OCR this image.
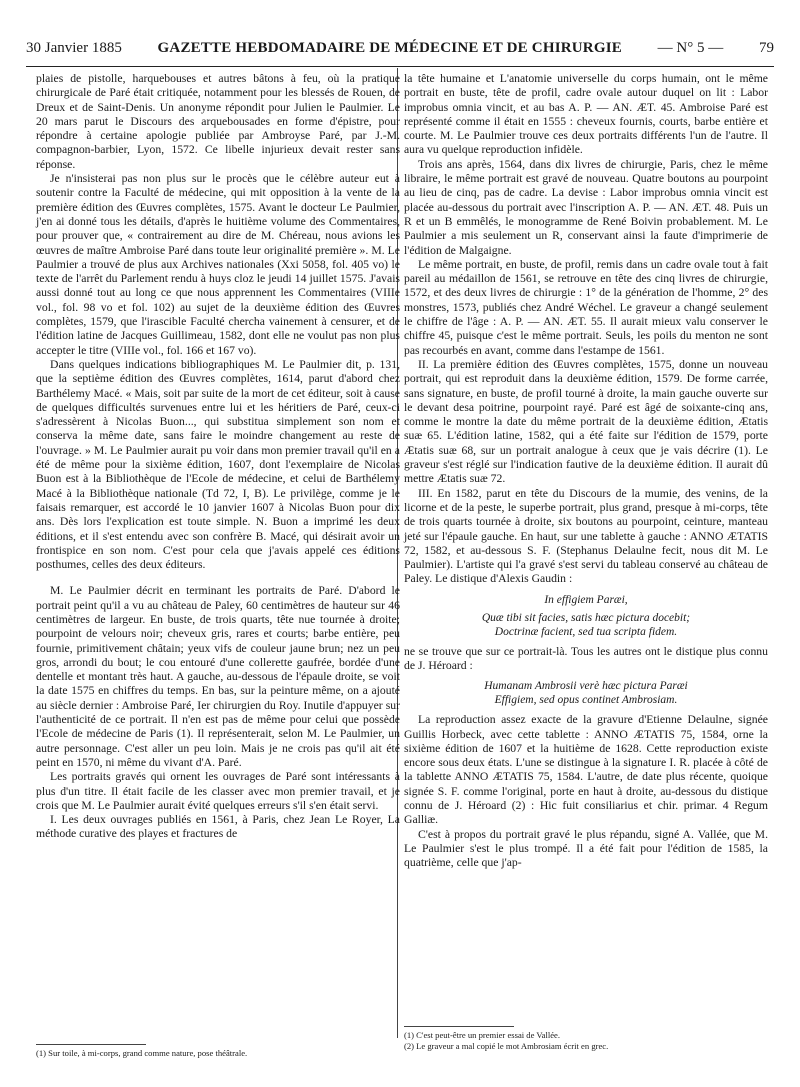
30 Janvier 1885 GAZETTE HEBDOMADAIRE DE MÉDECINE ET DE CHIRURGIE — N° 5 — 79

plaies de pistolle, harquebouses et autres bâtons à feu, où la pratique chirurgicale de Paré était critiquée, notamment pour les blessés de Rouen, de Dreux et de Saint-Denis. Un anonyme répondit pour Julien le Paulmier. Le 20 mars parut le Discours des arquebousades en forme d'épistre, pour répondre à certaine apologie publiée par Ambroyse Paré, par J.-M. compagnon-barbier, Lyon, 1572. Ce libelle injurieux devait rester sans réponse.

Je n'insisterai pas non plus sur le procès que le célèbre auteur eut à soutenir contre la Faculté de médecine, qui mit opposition à la vente de la première édition des Œuvres complètes, 1575. Avant le docteur Le Paulmier, j'en ai donné tous les détails, d'après le huitième volume des Commentaires, pour prouver que, « contrairement au dire de M. Chéreau, nous avions les œuvres de maître Ambroise Paré dans toute leur originalité première ». M. Le Paulmier a trouvé de plus aux Archives nationales (Xxi 5058, fol. 405 vo) le texte de l'arrêt du Parlement rendu à huys cloz le jeudi 14 juillet 1575. J'avais aussi donné tout au long ce que nous apprennent les Commentaires (VIIIe vol., fol. 98 vo et fol. 102) au sujet de la deuxième édition des Œuvres complètes, 1579, que l'irascible Faculté chercha vainement à censurer, et de l'édition latine de Jacques Guillimeau, 1582, dont elle ne voulut pas non plus accepter le titre (VIIIe vol., fol. 166 et 167 vo).

Dans quelques indications bibliographiques M. Le Paulmier dit, p. 131, que la septième édition des Œuvres complètes, 1614, parut d'abord chez Barthélemy Macé. « Mais, soit par suite de la mort de cet éditeur, soit à cause de quelques difficultés survenues entre lui et les héritiers de Paré, ceux-ci s'adressèrent à Nicolas Buon..., qui substitua simplement son nom et conserva la même date, sans faire le moindre changement au reste de l'ouvrage. » M. Le Paulmier aurait pu voir dans mon premier travail qu'il en a été de même pour la sixième édition, 1607, dont l'exemplaire de Nicolas Buon est à la Bibliothèque de l'Ecole de médecine, et celui de Barthélemy Macé à la Bibliothèque nationale (Td 72, I, B). Le privilège, comme je le faisais remarquer, est accordé le 10 janvier 1607 à Nicolas Buon pour dix ans. Dès lors l'explication est toute simple. N. Buon a imprimé les deux éditions, et il s'est entendu avec son confrère B. Macé, qui désirait avoir un frontispice en son nom. C'est pour cela que j'avais appelé ces éditions posthumes, celles des deux éditeurs.

M. Le Paulmier décrit en terminant les portraits de Paré. D'abord le portrait peint qu'il a vu au château de Paley, 60 centimètres de hauteur sur 46 centimètres de largeur. En buste, de trois quarts, tête nue tournée à droite; pourpoint de velours noir; cheveux gris, rares et courts; barbe entière, peu fournie, primitivement châtain; yeux vifs de couleur jaune brun; nez un peu gros, arrondi du bout; le cou entouré d'une collerette gaufrée, bordée d'une dentelle et montant très haut. A gauche, au-dessous de l'épaule droite, se voit la date 1575 en chiffres du temps. En bas, sur la peinture même, on a ajouté au siècle dernier : Ambroise Paré, Ier chirurgien du Roy. Inutile d'appuyer sur l'authenticité de ce portrait. Il n'en est pas de même pour celui que possède l'Ecole de médecine de Paris (1). Il représenterait, selon M. Le Paulmier, un autre personnage. C'est aller un peu loin. Mais je ne crois pas qu'il ait été peint en 1570, ni même du vivant d'A. Paré.

Les portraits gravés qui ornent les ouvrages de Paré sont intéressants à plus d'un titre. Il était facile de les classer avec mon premier travail, et je crois que M. Le Paulmier aurait évité quelques erreurs s'il s'en était servi.

I. Les deux ouvrages publiés en 1561, à Paris, chez Jean Le Royer, La méthode curative des playes et fractures de

(1) Sur toile, à mi-corps, grand comme nature, pose théâtrale.

la tête humaine et L'anatomie universelle du corps humain, ont le même portrait en buste, tête de profil, cadre ovale autour duquel on lit : Labor improbus omnia vincit, et au bas A. P. — AN. ÆT. 45. Ambroise Paré est représenté comme il était en 1555 : cheveux fournis, courts, barbe entière et courte. M. Le Paulmier trouve ces deux portraits différents l'un de l'autre. Il aura vu quelque reproduction infidèle.

Trois ans après, 1564, dans dix livres de chirurgie, Paris, chez le même libraire, le même portrait est gravé de nouveau. Quatre boutons au pourpoint au lieu de cinq, pas de cadre. La devise : Labor improbus omnia vincit est placée au-dessous du portrait avec l'inscription A. P. — AN. ÆT. 48. Puis un R et un B emmêlés, le monogramme de René Boivin probablement. M. Le Paulmier a mis seulement un R, conservant ainsi la faute d'imprimerie de l'édition de Malgaigne.

Le même portrait, en buste, de profil, remis dans un cadre ovale tout à fait pareil au médaillon de 1561, se retrouve en tête des cinq livres de chirurgie, 1572, et des deux livres de chirurgie : 1° de la génération de l'homme, 2° des monstres, 1573, publiés chez André Wéchel. Le graveur a changé seulement le chiffre de l'âge : A. P. — AN. ÆT. 55. Il aurait mieux valu conserver le chiffre 45, puisque c'est le même portrait. Seuls, les poils du menton ne sont pas recourbés en avant, comme dans l'estampe de 1561.

II. La première édition des Œuvres complètes, 1575, donne un nouveau portrait, qui est reproduit dans la deuxième édition, 1579. De forme carrée, sans signature, en buste, de profil tourné à droite, la main gauche ouverte sur le devant desa poitrine, pourpoint rayé. Paré est âgé de soixante-cinq ans, comme le montre la date du même portrait de la deuxième édition, Ætatis suæ 65. L'édition latine, 1582, qui a été faite sur l'édition de 1579, porte Ætatis suæ 68, sur un portrait analogue à ceux que je vais décrire (1). Le graveur s'est réglé sur l'indication fautive de la deuxième édition. Il aurait dû mettre Ætatis suæ 72.

III. En 1582, parut en tête du Discours de la mumie, des venins, de la licorne et de la peste, le superbe portrait, plus grand, presque à mi-corps, tête de trois quarts tournée à droite, six boutons au pourpoint, ceinture, manteau jeté sur l'épaule gauche. En haut, sur une tablette à gauche : ANNO ÆTATIS 72, 1582, et au-dessous S. F. (Stephanus Delaulne fecit, nous dit M. Le Paulmier). L'artiste qui l'a gravé s'est servi du tableau conservé au château de Paley. Le distique d'Alexis Gaudin :

In effigiem Paræi,
Quæ tibi sit facies, satis hæc pictura docebit;
Doctrinæ facient, sed tua scripta fidem.

ne se trouve que sur ce portrait-là. Tous les autres ont le distique plus connu de J. Héroard :

Humanam Ambrosii verè hæc pictura Paræi
Effigiem, sed opus continet Ambrosiam.

La reproduction assez exacte de la gravure d'Etienne Delaulne, signée Guillis Horbeck, avec cette tablette : ANNO ÆTATIS 75, 1584, orne la sixième édition de 1607 et la huitième de 1628. Cette reproduction existe encore sous deux états. L'une se distingue à la signature I. R. placée à côté de la tablette ANNO ÆTATIS 75, 1584. L'autre, de date plus récente, quoique signée S. F. comme l'original, porte en haut à droite, au-dessous du distique connu de J. Héroard (2) : Hic fuit consiliarius et chir. primar. 4 Regum Galliæ.

C'est à propos du portrait gravé le plus répandu, signé A. Vallée, que M. Le Paulmier s'est le plus trompé. Il a été fait pour l'édition de 1585, la quatrième, celle que j'ap-

(1) C'est peut-être un premier essai de Vallée.
(2) Le graveur a mal copié le mot Ambrosiam écrit en grec.
